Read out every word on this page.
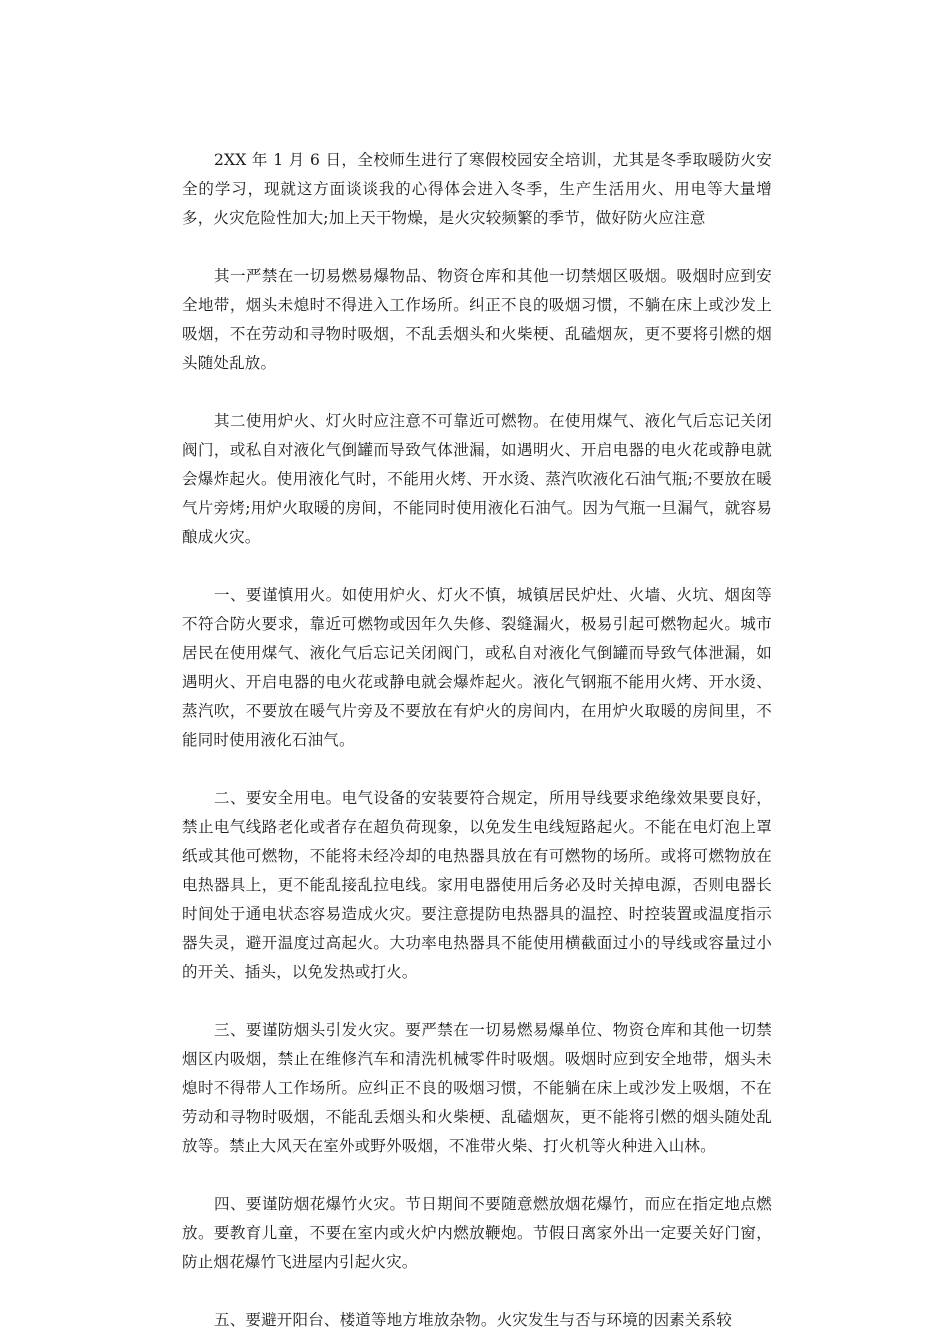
2XX 年 1 月 6 日，全校师生进行了寒假校园安全培训，尤其是冬季取暖防火安全的学习，现就这方面谈谈我的心得体会进入冬季，生产生活用火、用电等大量增多，火灾危险性加大;加上天干物燥，是火灾较频繁的季节，做好防火应注意

其一严禁在一切易燃易爆物品、物资仓库和其他一切禁烟区吸烟。吸烟时应到安全地带，烟头未熄时不得进入工作场所。纠正不良的吸烟习惯，不躺在床上或沙发上吸烟，不在劳动和寻物时吸烟，不乱丢烟头和火柴梗、乱磕烟灰，更不要将引燃的烟头随处乱放。

其二使用炉火、灯火时应注意不可靠近可燃物。在使用煤气、液化气后忘记关闭阀门，或私自对液化气倒罐而导致气体泄漏，如遇明火、开启电器的电火花或静电就会爆炸起火。使用液化气时，不能用火烤、开水烫、蒸汽吹液化石油气瓶;不要放在暖气片旁烤;用炉火取暖的房间，不能同时使用液化石油气。因为气瓶一旦漏气，就容易酿成火灾。

一、要谨慎用火。如使用炉火、灯火不慎，城镇居民炉灶、火墙、火坑、烟囱等不符合防火要求，靠近可燃物或因年久失修、裂缝漏火，极易引起可燃物起火。城市居民在使用煤气、液化气后忘记关闭阀门，或私自对液化气倒罐而导致气体泄漏，如遇明火、开启电器的电火花或静电就会爆炸起火。液化气钢瓶不能用火烤、开水烫、蒸汽吹，不要放在暖气片旁及不要放在有炉火的房间内，在用炉火取暖的房间里，不能同时使用液化石油气。

二、要安全用电。电气设备的安装要符合规定，所用导线要求绝缘效果要良好，禁止电气线路老化或者存在超负荷现象，以免发生电线短路起火。不能在电灯泡上罩纸或其他可燃物，不能将未经冷却的电热器具放在有可燃物的场所。或将可燃物放在电热器具上，更不能乱接乱拉电线。家用电器使用后务必及时关掉电源，否则电器长时间处于通电状态容易造成火灾。要注意提防电热器具的温控、时控装置或温度指示器失灵，避开温度过高起火。大功率电热器具不能使用横截面过小的导线或容量过小的开关、插头，以免发热或打火。

三、要谨防烟头引发火灾。要严禁在一切易燃易爆单位、物资仓库和其他一切禁烟区内吸烟，禁止在维修汽车和清洗机械零件时吸烟。吸烟时应到安全地带，烟头未熄时不得带人工作场所。应纠正不良的吸烟习惯，不能躺在床上或沙发上吸烟，不在劳动和寻物时吸烟，不能乱丢烟头和火柴梗、乱磕烟灰，更不能将引燃的烟头随处乱放等。禁止大风天在室外或野外吸烟，不准带火柴、打火机等火种进入山林。

四、要谨防烟花爆竹火灾。节日期间不要随意燃放烟花爆竹，而应在指定地点燃放。要教育儿童，不要在室内或火炉内燃放鞭炮。节假日离家外出一定要关好门窗，防止烟花爆竹飞进屋内引起火灾。

五、要避开阳台、楼道等地方堆放杂物。火灾发生与否与环境的因素关系较
